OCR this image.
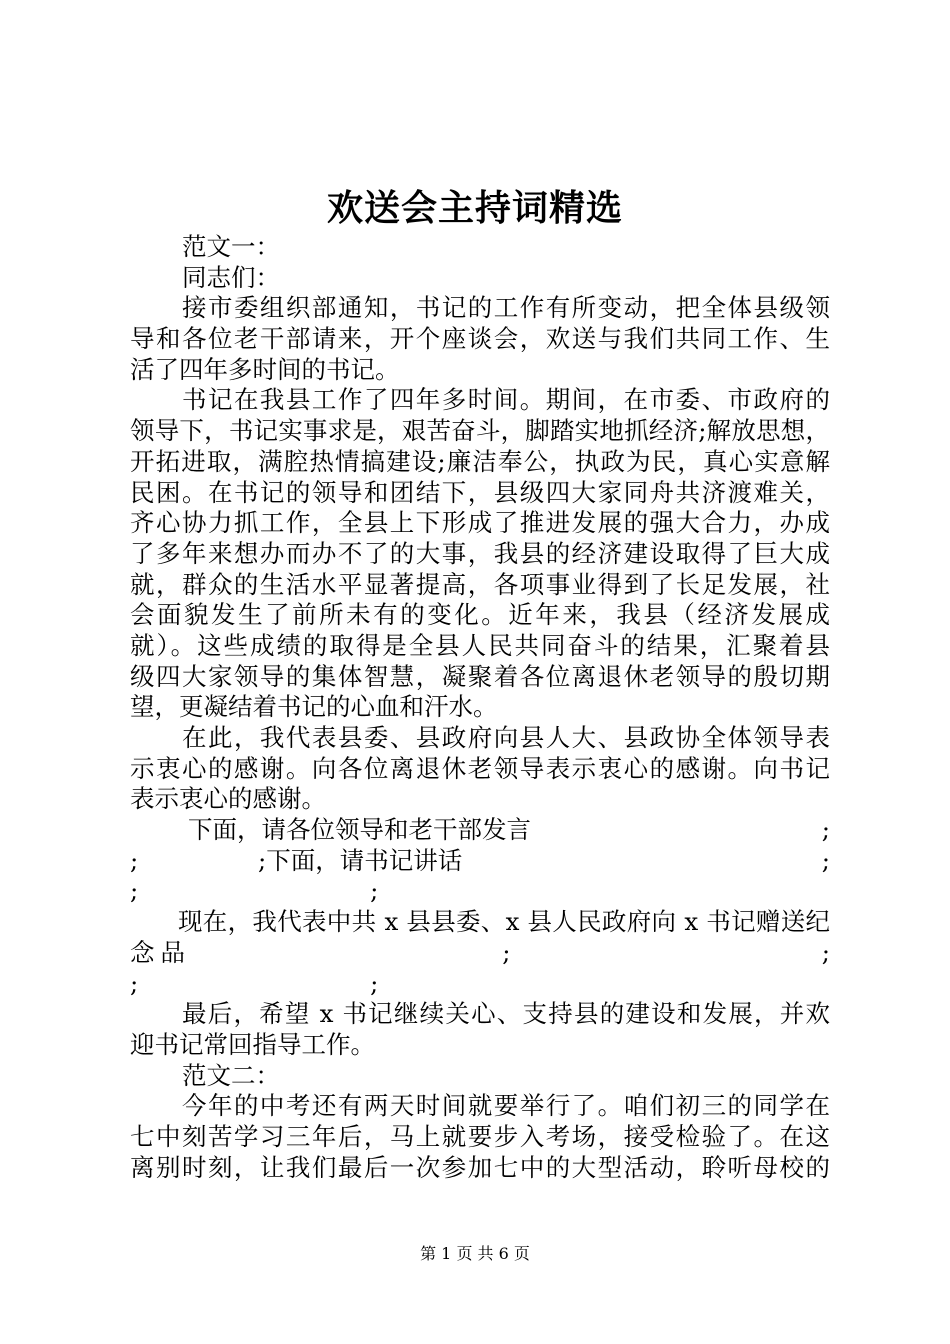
欢送会主持词精选
范文一：
同志们：
接市委组织部通知，书记的工作有所变动，把全体县级领
导和各位老干部请来，开个座谈会，欢送与我们共同工作、生
活了四年多时间的书记。
书记在我县工作了四年多时间。期间，在市委、市政府的
领导下，书记实事求是，艰苦奋斗，脚踏实地抓经济;解放思想，
开拓进取，满腔热情搞建设;廉洁奉公，执政为民，真心实意解
民困。在书记的领导和团结下，县级四大家同舟共济渡难关，
齐心协力抓工作，全县上下形成了推进发展的强大合力，办成
了多年来想办而办不了的大事，我县的经济建设取得了巨大成
就，群众的生活水平显著提高，各项事业得到了长足发展，社
会面貌发生了前所未有的变化。近年来，我县（经济发展成
就）。这些成绩的取得是全县人民共同奋斗的结果，汇聚着县
级四大家领导的集体智慧，凝聚着各位离退休老领导的殷切期
望，更凝结着书记的心血和汗水。
在此，我代表县委、县政府向县人大、县政协全体领导表
示衷心的感谢。向各位离退休老领导表示衷心的感谢。向书记
表示衷心的感谢。
下面，请各位领导和老干部发言	;
;	;下面，请书记讲话	;
;	;
现在，我代表中共 x 县县委、x 县人民政府向 x 书记赠送纪
念品	;	;
;	;
最后，希望 x 书记继续关心、支持县的建设和发展，并欢
迎书记常回指导工作。
范文二：
今年的中考还有两天时间就要举行了。咱们初三的同学在
七中刻苦学习三年后，马上就要步入考场，接受检验了。在这
离别时刻，让我们最后一次参加七中的大型活动，聆听母校的
第 1 页 共 6 页
